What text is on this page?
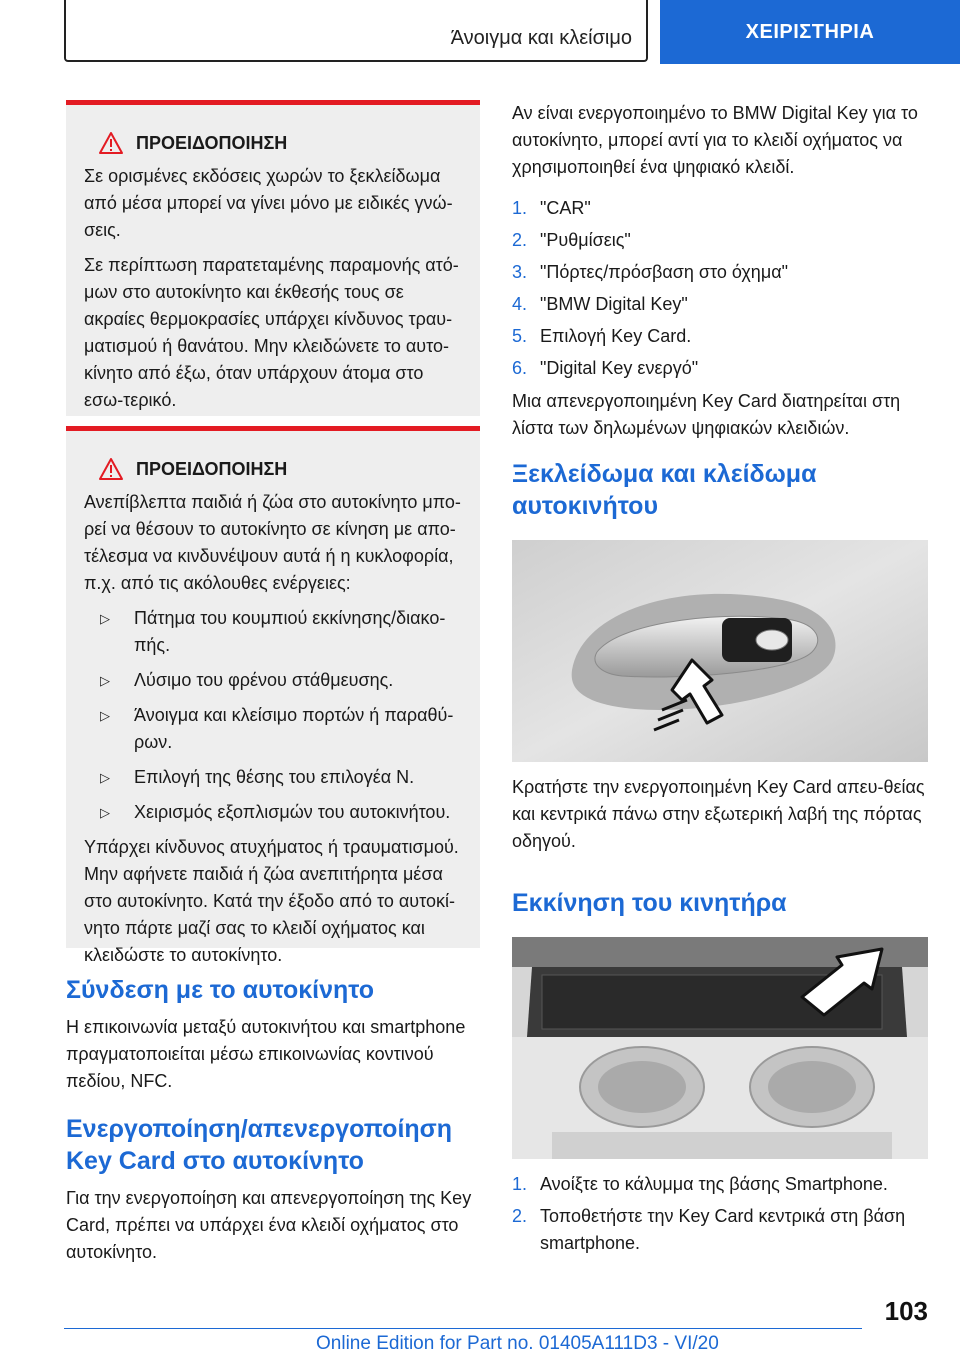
Άνοιγμα και κλείσιμο	ΧΕΙΡΙΣΤΗΡΙΑ
ΠΡΟΕΙΔΟΠΟΙΗΣΗ

Σε ορισμένες εκδόσεις χωρών το ξεκλείδωμα από μέσα μπορεί να γίνει μόνο με ειδικές γνώ-σεις.

Σε περίπτωση παρατεταμένης παραμονής ατό-μων στο αυτοκίνητο και έκθεσής τους σε ακραίες θερμοκρασίες υπάρχει κίνδυνος τραυ-ματισμού ή θανάτου. Μην κλειδώνετε το αυτο-κίνητο από έξω, όταν υπάρχουν άτομα στο εσω-τερικό.

ΠΡΟΕΙΔΟΠΟΙΗΣΗ

Ανεπίβλεπτα παιδιά ή ζώα στο αυτοκίνητο μπο-ρεί να θέσουν το αυτοκίνητο σε κίνηση με απο-τέλεσμα να κινδυνέψουν αυτά ή η κυκλοφορία, π.χ. από τις ακόλουθες ενέργειες:

▷ Πάτημα του κουμπιού εκκίνησης/διακο-πής.
▷ Λύσιμο του φρένου στάθμευσης.
▷ Άνοιγμα και κλείσιμο πορτών ή παραθύ-ρων.
▷ Επιλογή της θέσης του επιλογέα N.
▷ Χειρισμός εξοπλισμών του αυτοκινήτου.

Υπάρχει κίνδυνος ατυχήματος ή τραυματισμού. Μην αφήνετε παιδιά ή ζώα ανεπιτήρητα μέσα στο αυτοκίνητο. Κατά την έξοδο από το αυτοκί-νητο πάρτε μαζί σας το κλειδί οχήματος και κλειδώστε το αυτοκίνητο.

Σύνδεση με το αυτοκίνητο

Η επικοινωνία μεταξύ αυτοκινήτου και smartphone πραγματοποιείται μέσω επικοινωνίας κοντινού πεδίου, NFC.

Ενεργοποίηση/απενεργοποίηση Key Card στο αυτοκίνητο

Για την ενεργοποίηση και απενεργοποίηση της Key Card, πρέπει να υπάρχει ένα κλειδί οχήματος στο αυτοκίνητο.

Αν είναι ενεργοποιημένο το BMW Digital Key για το αυτοκίνητο, μπορεί αντί για το κλειδί οχήματος να χρησιμοποιηθεί ένα ψηφιακό κλειδί.

1. "CAR"
2. "Ρυθμίσεις"
3. "Πόρτες/πρόσβαση στο όχημα"
4. "BMW Digital Key"
5. Επιλογή Key Card.
6. "Digital Key ενεργό"

Μια απενεργοποιημένη Key Card διατηρείται στη λίστα των δηλωμένων ψηφιακών κλειδιών.

Ξεκλείδωμα και κλείδωμα αυτοκινήτου

Κρατήστε την ενεργοποιημένη Key Card απευ-θείας και κεντρικά πάνω στην εξωτερική λαβή της πόρτας οδηγού.

Εκκίνηση του κινητήρα
1. Ανοίξτε το κάλυμμα της βάσης Smartphone.
2. Τοποθετήστε την Key Card κεντρικά στη βάση smartphone.
103
Online Edition for Part no. 01405A111D3 - VI/20
